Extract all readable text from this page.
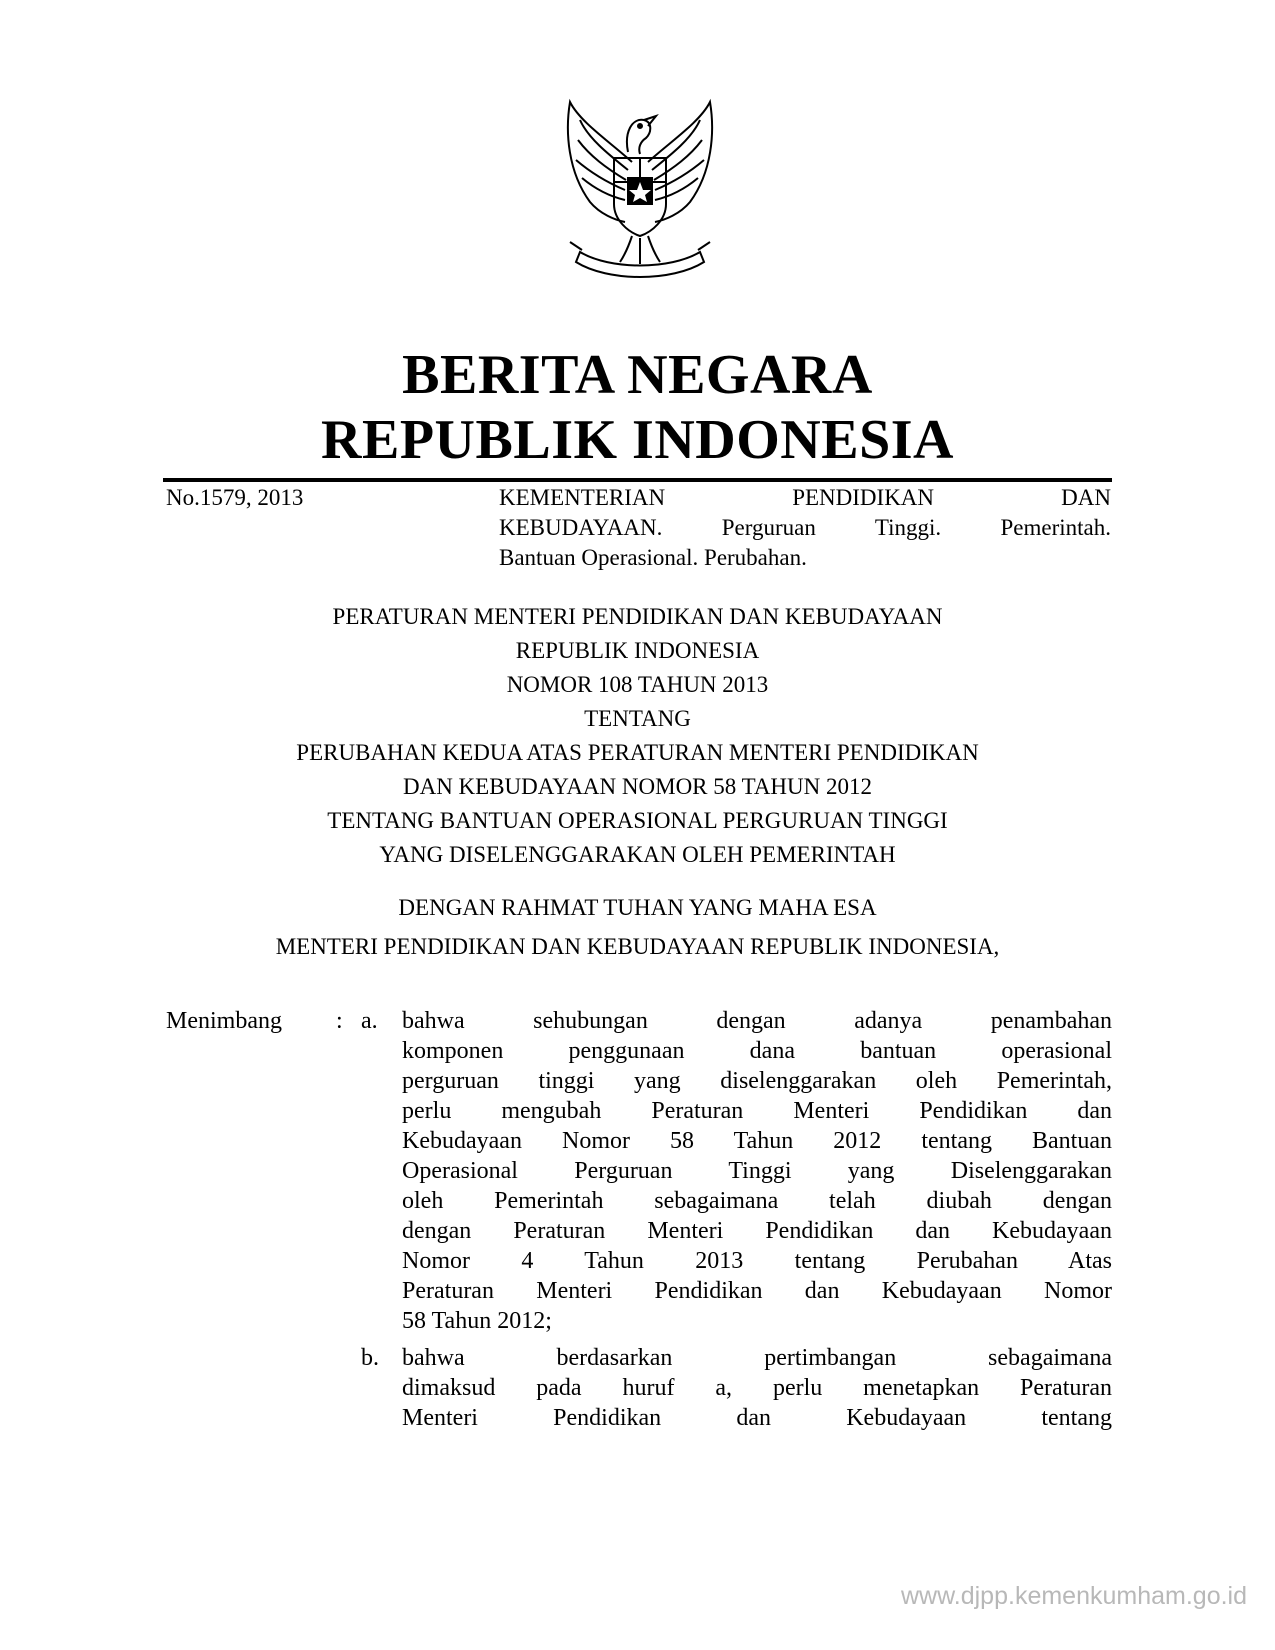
BERITA NEGARA
REPUBLIK INDONESIA
No.1579, 2013	KEMENTERIAN PENDIDIKAN DAN
KEBUDAYAAN. Perguruan Tinggi. Pemerintah.
Bantuan Operasional. Perubahan.
PERATURAN MENTERI PENDIDIKAN DAN KEBUDAYAAN
REPUBLIK INDONESIA
NOMOR 108 TAHUN 2013
TENTANG
PERUBAHAN KEDUA ATAS PERATURAN MENTERI PENDIDIKAN
DAN KEBUDAYAAN NOMOR 58 TAHUN 2012
TENTANG BANTUAN OPERASIONAL PERGURUAN TINGGI
YANG DISELENGGARAKAN OLEH PEMERINTAH
DENGAN RAHMAT TUHAN YANG MAHA ESA
MENTERI PENDIDIKAN DAN KEBUDAYAAN REPUBLIK INDONESIA,
Menimbang : a. bahwa sehubungan dengan adanya penambahan
komponen penggunaan dana bantuan operasional
perguruan tinggi yang diselenggarakan oleh Pemerintah,
perlu mengubah Peraturan Menteri Pendidikan dan
Kebudayaan Nomor 58 Tahun 2012 tentang Bantuan
Operasional Perguruan Tinggi yang Diselenggarakan
oleh Pemerintah sebagaimana telah diubah dengan
dengan Peraturan Menteri Pendidikan dan Kebudayaan
Nomor 4 Tahun 2013 tentang Perubahan Atas
Peraturan Menteri Pendidikan dan Kebudayaan Nomor
58 Tahun 2012;
b. bahwa berdasarkan pertimbangan sebagaimana
dimaksud pada huruf a, perlu menetapkan Peraturan
Menteri Pendidikan dan Kebudayaan tentang
www.djpp.kemenkumham.go.id
